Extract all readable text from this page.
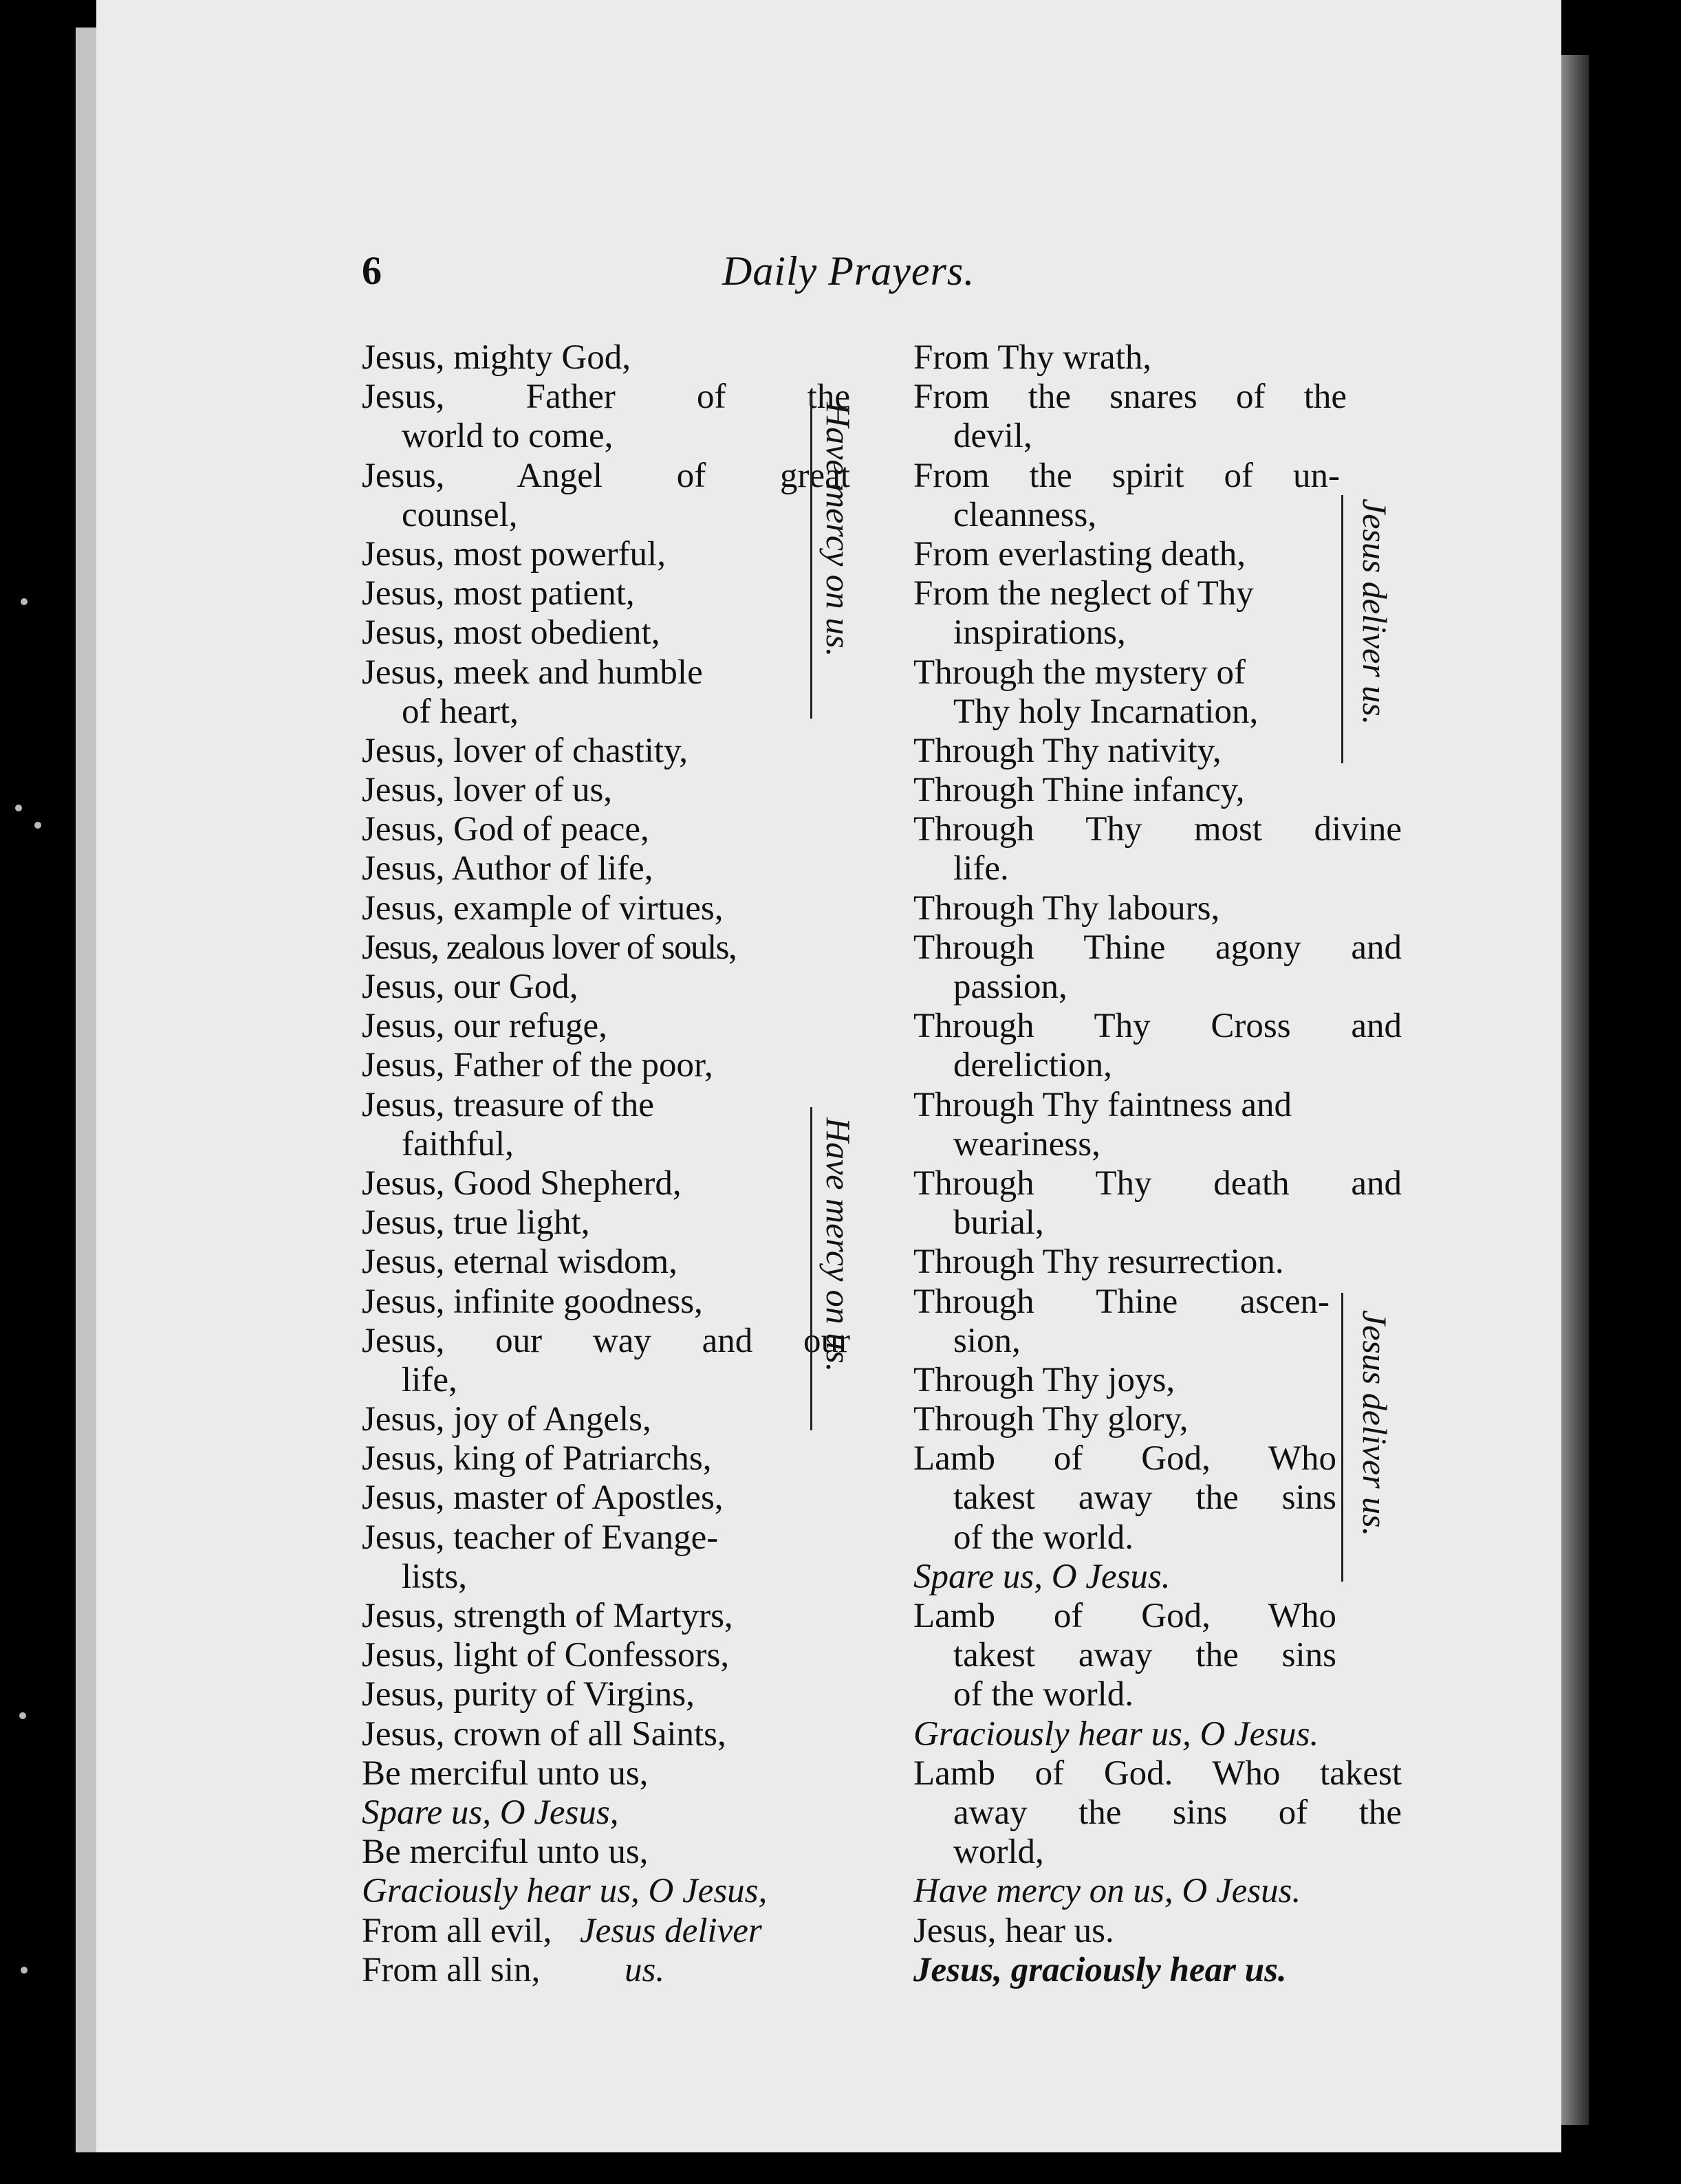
6	Daily Prayers.
Jesus, mighty God,
Jesus, Father of the
world to come,
Jesus, Angel of great
counsel,
Jesus, most powerful,
Jesus, most patient,
Jesus, most obedient,
Jesus, meek and humble
of heart,
Jesus, lover of chastity,
Jesus, lover of us,
Jesus, God of peace,
Jesus, Author of life,
Jesus, example of virtues,
Jesus, zealous lover of souls,
Jesus, our God,
Jesus, our refuge,
Jesus, Father of the poor,
Jesus, treasure of the
faithful,
Jesus, Good Shepherd,
Jesus, true light,
Jesus, eternal wisdom,
Jesus, infinite goodness,
Jesus, our way and our
life,
Jesus, joy of Angels,
Jesus, king of Patriarchs,
Jesus, master of Apostles,
Jesus, teacher of Evange-
lists,
Jesus, strength of Martyrs,
Jesus, light of Confessors,
Jesus, purity of Virgins,
Jesus, crown of all Saints,
Be merciful unto us,
Spare us, O Jesus,
Be merciful unto us,
Graciously hear us, O Jesus,
From all evil, Jesus deliver
From all sin, us.
From Thy wrath,
From the snares of the
devil,
From the spirit of un-
cleanness,
From everlasting death,
From the neglect of Thy
inspirations,
Through the mystery of
Thy holy Incarnation,
Through Thy nativity,
Through Thine infancy,
Through Thy most divine
life.
Through Thy labours,
Through Thine agony and
passion,
Through Thy Cross and
dereliction,
Through Thy faintness and
weariness,
Through Thy death and
burial,
Through Thy resurrection.
Through Thine ascen-
sion,
Through Thy joys,
Through Thy glory,
Lamb of God, Who
takest away the sins
of the world.
Spare us, O Jesus.
Lamb of God, Who
takest away the sins
of the world.
Graciously hear us, O Jesus.
Lamb of God. Who takest
away the sins of the
world,
Have mercy on us, O Jesus.
Jesus, hear us.
Jesus, graciously hear us.
Have mercy on us.
Have mercy on us.
Jesus deliver us.
Jesus deliver us.
